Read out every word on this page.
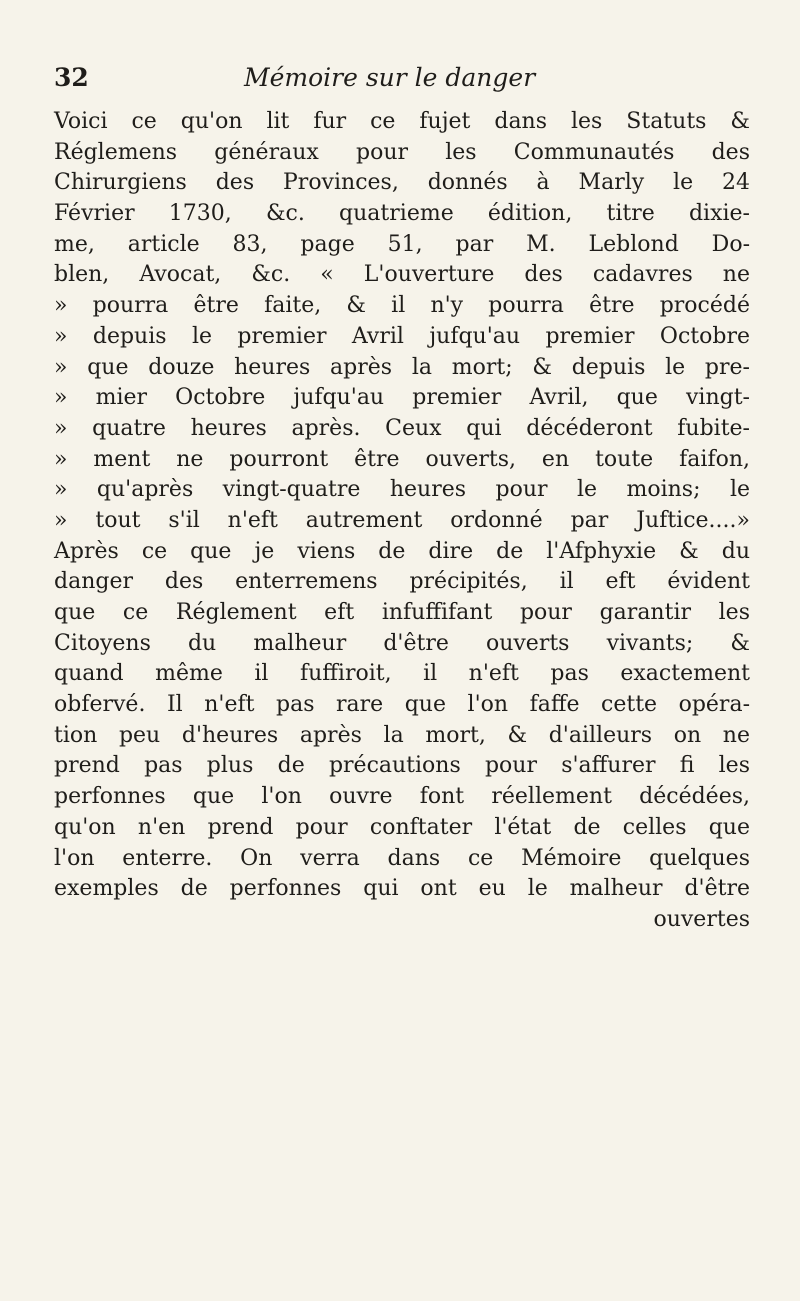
32	Mémoire sur le danger
Voici ce qu'on lit fur ce fujet dans les Statuts &
Réglemens généraux pour les Communautés des
Chirurgiens des Provinces, donnés à Marly le 24
Février 1730, &c. quatrieme édition, titre dixie-
me, article 83, page 51, par M. Leblond Do-
blen, Avocat, &c. « L'ouverture des cadavres ne
» pourra être faite, & il n'y pourra être procédé
» depuis le premier Avril jufqu'au premier Octobre
» que douze heures après la mort; & depuis le pre-
» mier Octobre jufqu'au premier Avril, que vingt-
» quatre heures après. Ceux qui décéderont fubite-
» ment ne pourront être ouverts, en toute faifon,
» qu'après vingt-quatre heures pour le moins; le
» tout s'il n'eft autrement ordonné par Juftice....»
Après ce que je viens de dire de l'Afphyxie & du
danger des enterremens précipités, il eft évident
que ce Réglement eft infuffifant pour garantir les
Citoyens du malheur d'être ouverts vivants; &
quand même il fuffiroit, il n'eft pas exactement
obfervé. Il n'eft pas rare que l'on faffe cette opéra-
tion peu d'heures après la mort, & d'ailleurs on ne
prend pas plus de précautions pour s'affurer fi les
perfonnes que l'on ouvre font réellement décédées,
qu'on n'en prend pour conftater l'état de celles que
l'on enterre. On verra dans ce Mémoire quelques
exemples de perfonnes qui ont eu le malheur d'être
ouvertes
